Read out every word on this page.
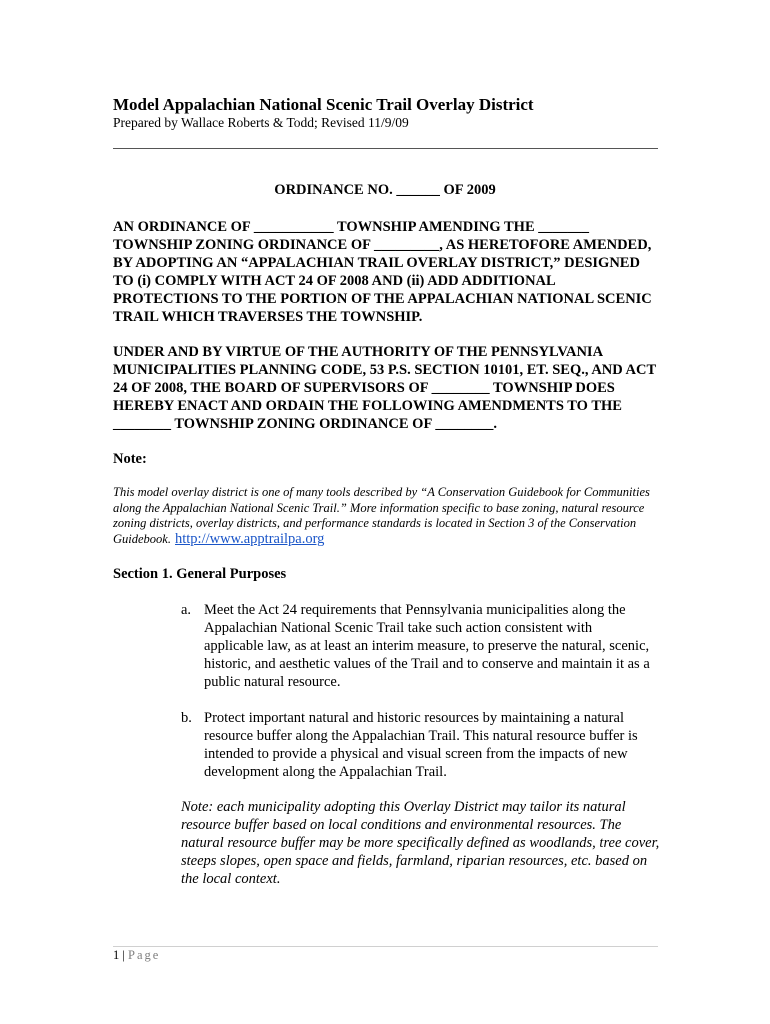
Model Appalachian National Scenic Trail Overlay District
Prepared by Wallace Roberts & Todd; Revised 11/9/09
ORDINANCE NO. ______ OF 2009
AN ORDINANCE OF ___________ TOWNSHIP AMENDING THE _______ TOWNSHIP ZONING ORDINANCE OF _________, AS HERETOFORE AMENDED, BY ADOPTING AN “APPALACHIAN TRAIL OVERLAY DISTRICT,” DESIGNED TO (i) COMPLY WITH ACT 24 OF 2008 AND (ii) ADD ADDITIONAL PROTECTIONS TO THE PORTION OF THE APPALACHIAN NATIONAL SCENIC TRAIL WHICH TRAVERSES THE TOWNSHIP.
UNDER AND BY VIRTUE OF THE AUTHORITY OF THE PENNSYLVANIA MUNICIPALITIES PLANNING CODE, 53 P.S. SECTION 10101, ET. SEQ., AND ACT 24 OF 2008, THE BOARD OF SUPERVISORS OF ________ TOWNSHIP DOES HEREBY ENACT AND ORDAIN THE FOLLOWING AMENDMENTS TO THE ________ TOWNSHIP ZONING ORDINANCE OF ________.
Note:
This model overlay district is one of many tools described by “A Conservation Guidebook for Communities along the Appalachian National Scenic Trail.” More information specific to base zoning, natural resource zoning districts, overlay districts, and performance standards is located in Section 3 of the Conservation Guidebook. http://www.apptrailpa.org
Section 1. General Purposes
a. Meet the Act 24 requirements that Pennsylvania municipalities along the Appalachian National Scenic Trail take such action consistent with applicable law, as at least an interim measure, to preserve the natural, scenic, historic, and aesthetic values of the Trail and to conserve and maintain it as a public natural resource.
b. Protect important natural and historic resources by maintaining a natural resource buffer along the Appalachian Trail. This natural resource buffer is intended to provide a physical and visual screen from the impacts of new development along the Appalachian Trail.
Note: each municipality adopting this Overlay District may tailor its natural resource buffer based on local conditions and environmental resources. The natural resource buffer may be more specifically defined as woodlands, tree cover, steeps slopes, open space and fields, farmland, riparian resources, etc. based on the local context.
1 | Page
